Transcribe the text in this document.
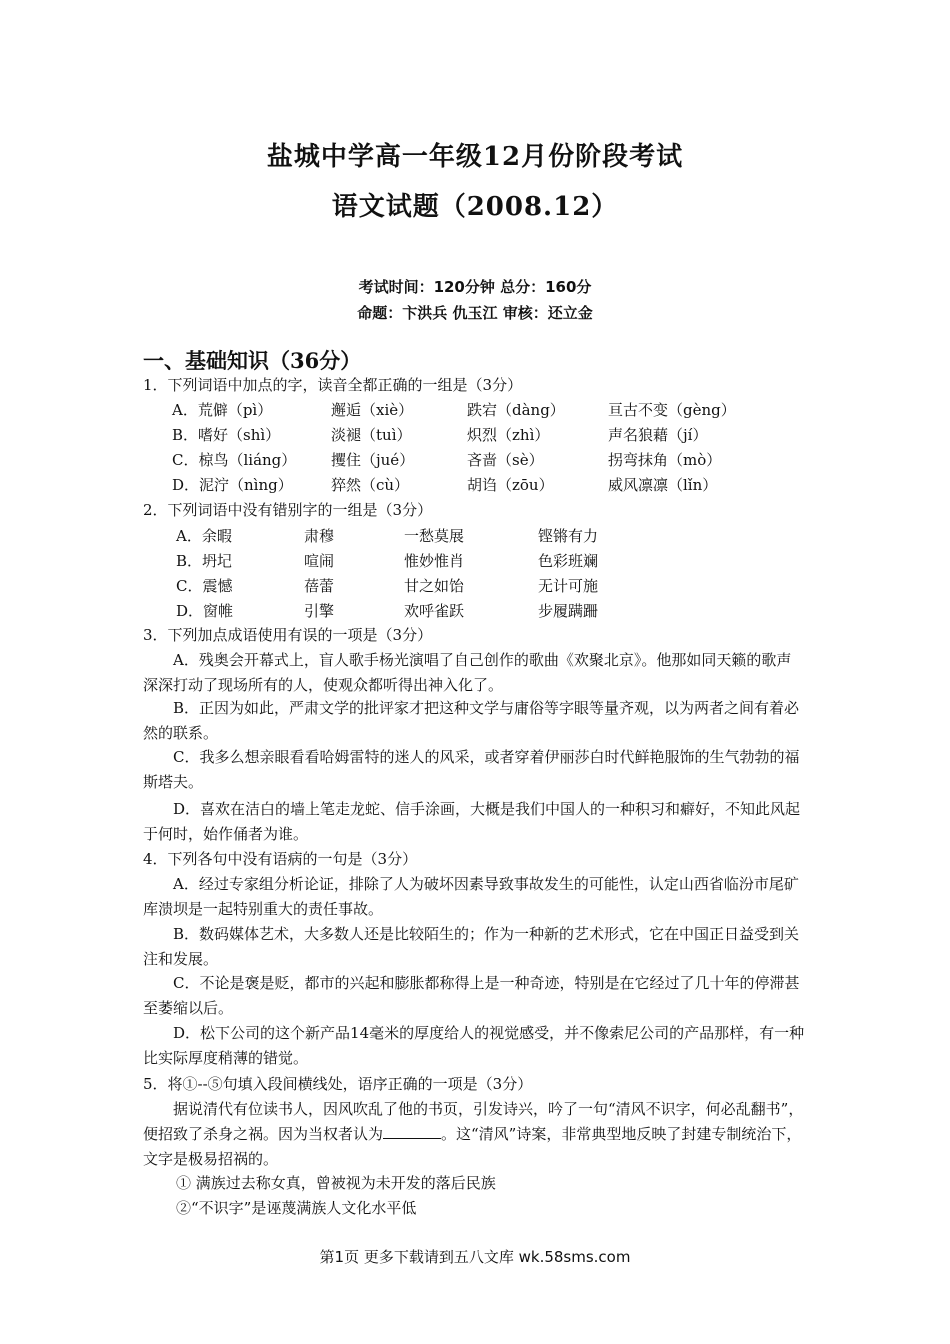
盐城中学高一年级12月份阶段考试
语文试题（2008.12）
考试时间：120分钟 总分：160分
命题：卞洪兵 仇玉江 审核：还立金
一、基础知识（36分）
1．下列词语中加点的字，读音全都正确的一组是（3分）
A．荒僻（pì）	邂逅（xiè）	跌宕（dàng）	亘古不变（gèng）
B．嗜好（shì）	淡褪（tuì）	炽烈（zhì）	声名狼藉（jí）
C．椋鸟（liáng） 攫住（jué）	吝啬（sè）	拐弯抹角（mò）
D．泥泞（nìng）	猝然（cù）	胡诌（zōu）	威风凛凛（lǐn）
2．下列词语中没有错别字的一组是（3分）
A．余暇	肃穆	一愁莫展	铿锵有力
B．坍圮	喧闹	惟妙惟肖	色彩班斓
C．震憾	蓓蕾	甘之如饴	无计可施
D．窗帷	引擎	欢呼雀跃	步履蹒跚
3．下列加点成语使用有误的一项是（3分）
A．残奥会开幕式上，盲人歌手杨光演唱了自己创作的歌曲《欢聚北京》。他那如同天籁的歌声深深打动了现场所有的人，使观众都听得出神入化了。
B．正因为如此，严肃文学的批评家才把这种文学与庸俗等字眼等量齐观，以为两者之间有着必然的联系。
C．我多么想亲眼看看哈姆雷特的迷人的风采，或者穿着伊丽莎白时代鲜艳服饰的生气勃勃的福斯塔夫。
D．喜欢在洁白的墙上笔走龙蛇、信手涂画，大概是我们中国人的一种积习和癖好，不知此风起于何时，始作俑者为谁。
4．下列各句中没有语病的一句是（3分）
A．经过专家组分析论证，排除了人为破坏因素导致事故发生的可能性，认定山西省临汾市尾矿库溃坝是一起特别重大的责任事故。
B．数码媒体艺术，大多数人还是比较陌生的；作为一种新的艺术形式，它在中国正日益受到关注和发展。
C．不论是褒是贬，都市的兴起和膨胀都称得上是一种奇迹，特别是在它经过了几十年的停滞甚至萎缩以后。
D．松下公司的这个新产品14毫米的厚度给人的视觉感受，并不像索尼公司的产品那样，有一种比实际厚度稍薄的错觉。
5．将①--⑤句填入段间横线处，语序正确的一项是（3分）
据说清代有位读书人，因风吹乱了他的书页，引发诗兴，吟了一句“清风不识字，何必乱翻书”，便招致了杀身之祸。因为当权者认为	。这“清风”诗案，非常典型地反映了封建专制统治下，文字是极易招祸的。
① 满族过去称女真，曾被视为未开发的落后民族
②“不识字”是诬蔑满族人文化水平低
第1页 更多下载请到五八文库 wk.58sms.com
